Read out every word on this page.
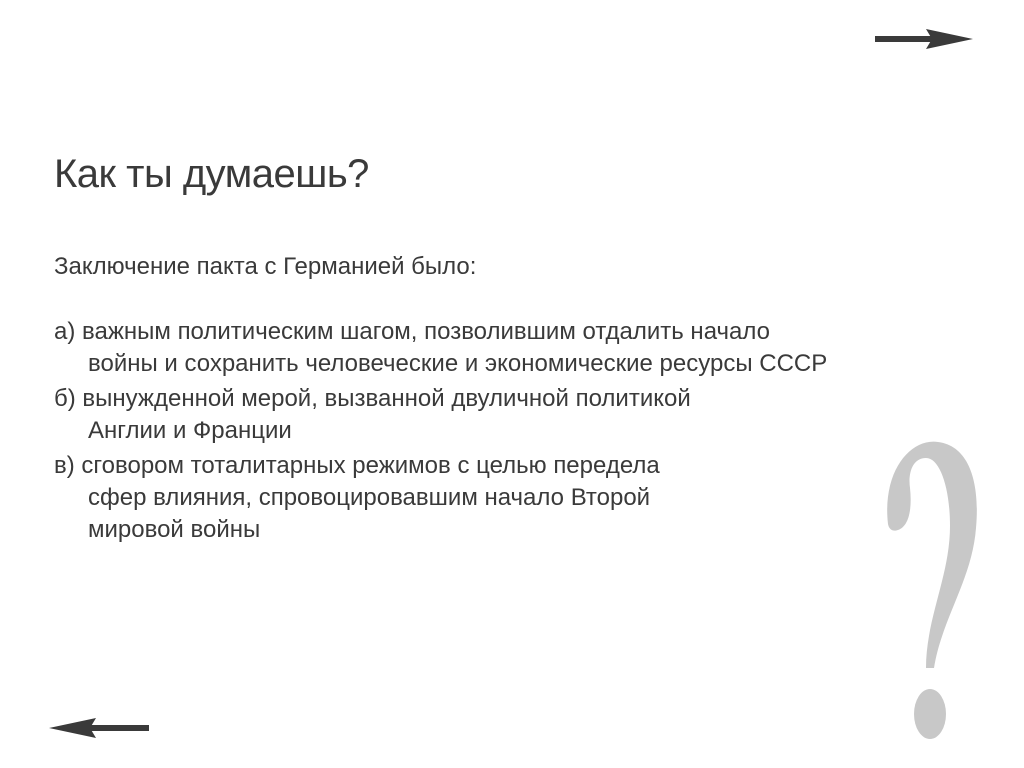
Как ты думаешь?

Заключение пакта с Германией было:

а) важным политическим шагом, позволившим отдалить начало
войны и сохранить человеческие и экономические ресурсы СССР
б) вынужденной мерой, вызванной двуличной политикой
Англии и Франции
в) сговором тоталитарных режимов с целью передела
сфер влияния, спровоцировавшим начало Второй
мировой войны
